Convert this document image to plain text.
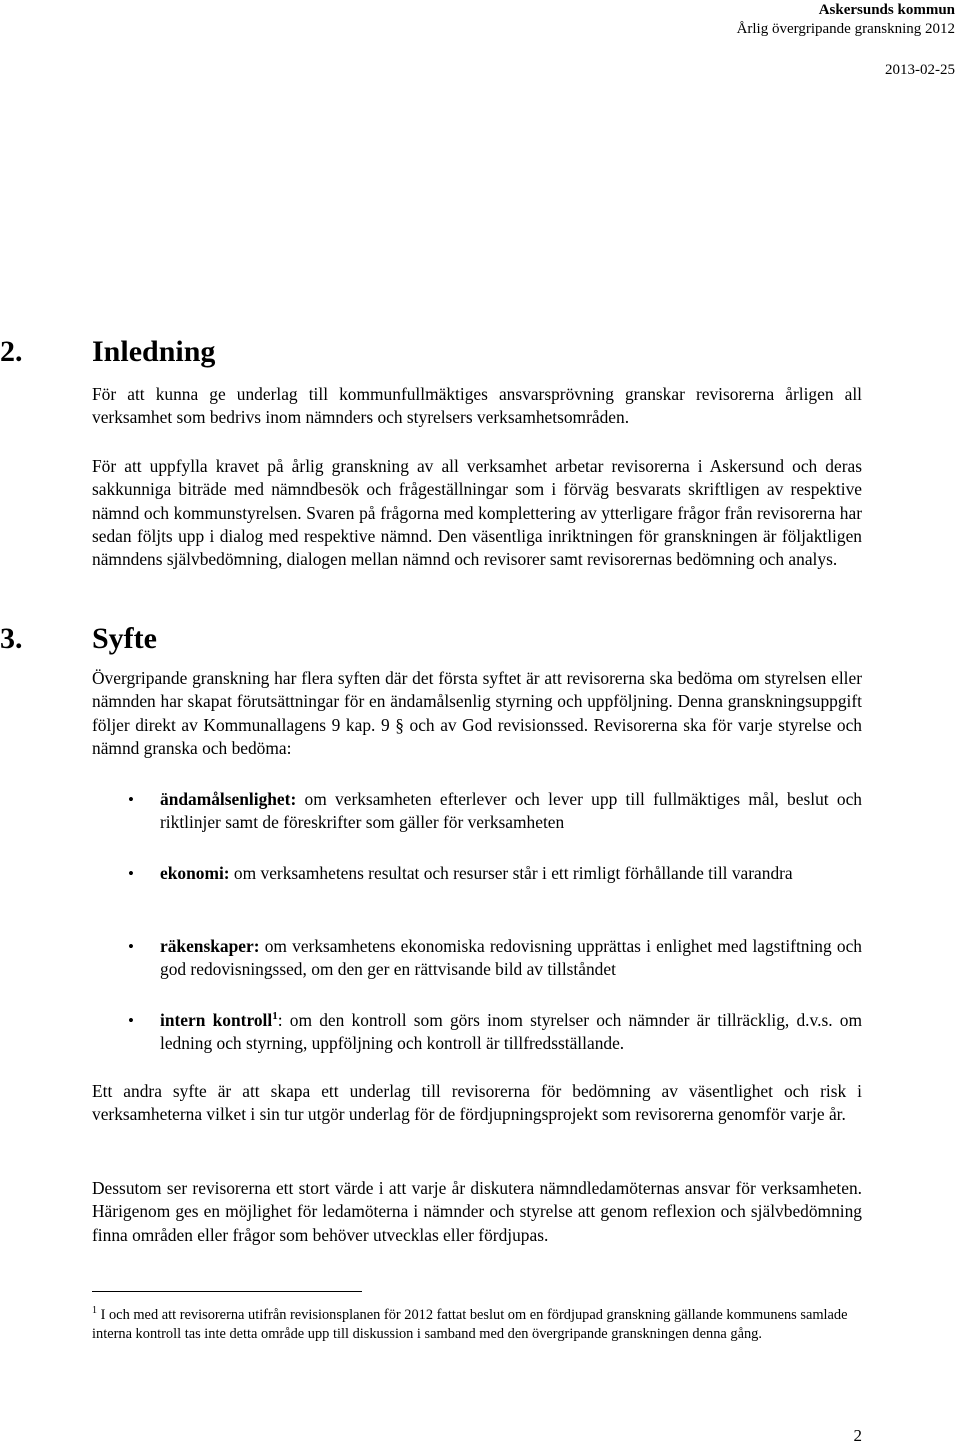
Askersunds kommun
Årlig övergripande granskning 2012
2013-02-25
2. Inledning

För att kunna ge underlag till kommunfullmäktiges ansvarsprövning granskar revisorerna årligen all verksamhet som bedrivs inom nämnders och styrelsers verksamhetsområden.

För att uppfylla kravet på årlig granskning av all verksamhet arbetar revisorerna i Askersund och deras sakkunniga biträde med nämndbesök och frågeställningar som i förväg besvarats skriftligen av respektive nämnd och kommunstyrelsen. Svaren på frågorna med komplettering av ytterligare frågor från revisorerna har sedan följts upp i dialog med respektive nämnd. Den väsentliga inriktningen för granskningen är följaktligen nämndens självbedömning, dialogen mellan nämnd och revisorer samt revisorernas bedömning och analys.

3. Syfte

Övergripande granskning har flera syften där det första syftet är att revisorerna ska bedöma om styrelsen eller nämnden har skapat förutsättningar för en ändamålsenlig styrning och uppföljning. Denna granskningsuppgift följer direkt av Kommunallagens 9 kap. 9 § och av God revisionssed. Revisorerna ska för varje styrelse och nämnd granska och bedöma:

• ändamålsenlighet: om verksamheten efterlever och lever upp till fullmäktiges mål, beslut och riktlinjer samt de föreskrifter som gäller för verksamheten
• ekonomi: om verksamhetens resultat och resurser står i ett rimligt förhållande till varandra
• räkenskaper: om verksamhetens ekonomiska redovisning upprättas i enlighet med lagstiftning och god redovisningssed, om den ger en rättvisande bild av tillståndet
• intern kontroll$^1$: om den kontroll som görs inom styrelser och nämnder är tillräcklig, d.v.s. om ledning och styrning, uppföljning och kontroll är tillfredsställande.

Ett andra syfte är att skapa ett underlag till revisorerna för bedömning av väsentlighet och risk i verksamheterna vilket i sin tur utgör underlag för de fördjupningsprojekt som revisorerna genomför varje år.

Dessutom ser revisorerna ett stort värde i att varje år diskutera nämndledamöternas ansvar för verksamheten. Härigenom ges en möjlighet för ledamöterna i nämnder och styrelse att genom reflexion och självbedömning finna områden eller frågor som behöver utvecklas eller fördjupas.

$^1$ I och med att revisorerna utifrån revisionsplanen för 2012 fattat beslut om en fördjupad granskning gällande kommunens samlade interna kontroll tas inte detta område upp till diskussion i samband med den övergripande granskningen denna gång.

2
